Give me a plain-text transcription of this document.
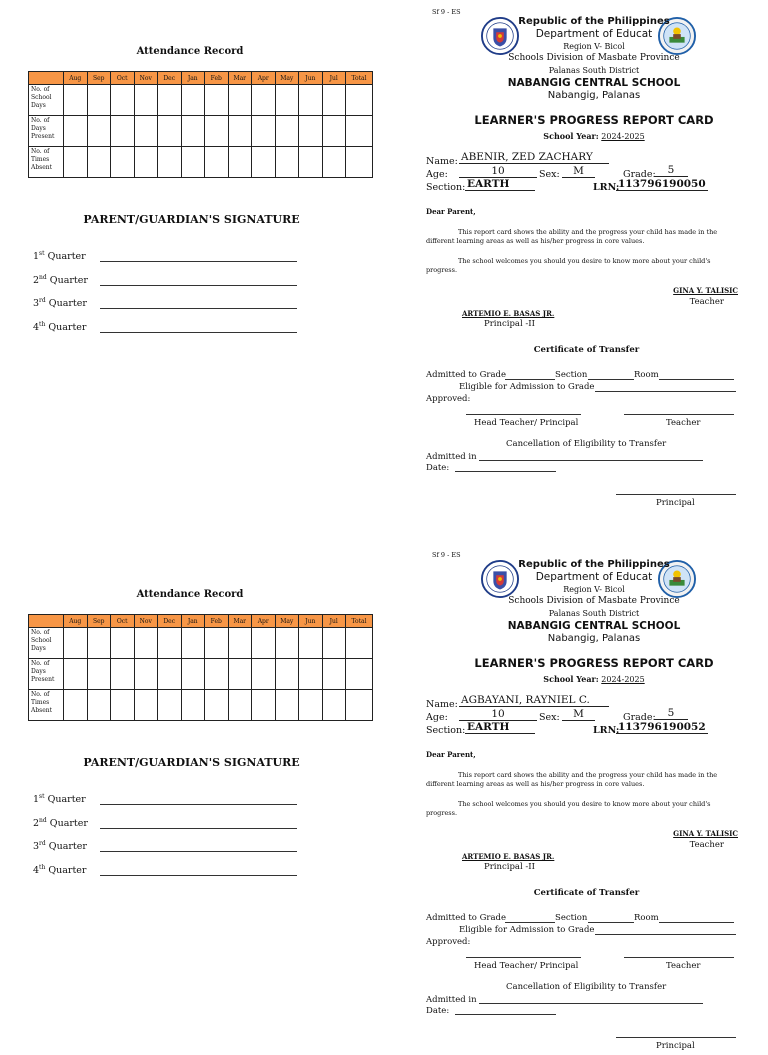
Attendance Record
	Aug	Sep	Oct	Nov	Dec	Jan	Feb	Mar	Apr	May	Jun	Jul	Total
No. of School Days													
No. of Days Present													
No. of Times Absent													
PARENT/GUARDIAN'S SIGNATURE
1st Quarter
2nd Quarter
3rd Quarter
4th Quarter
Sf 9 - ES
Republic of the Philippines
Department of Educat
Region V- Bicol
Schools Division of Masbate Province
Palanas South District
NABANGIG CENTRAL SCHOOL
Nabangig, Palanas
LEARNER'S PROGRESS REPORT CARD
School Year: 2024-2025
Name: ABENIR, ZED ZACHARY
Age:	10	Sex:	M	Grade:	5
Section: EARTH	LRN:
113796190050
Dear Parent,
This report card shows the ability and the progress your child has made in the different learning areas as well as his/her progress in core values.
The school welcomes you should you desire to know more about your child's progress.
GINA Y. TALISIC
Teacher
ARTEMIO E. BASAS JR.
Principal -II
Certificate of Transfer
Admitted to Grade	Section	Room
Eligible for Admission to Grade
Approved:
Head Teacher/ Principal	Teacher
Cancellation of Eligibility to Transfer
Admitted in
Date:
Principal
Attendance Record
	Aug	Sep	Oct	Nov	Dec	Jan	Feb	Mar	Apr	May	Jun	Jul	Total
No. of School Days													
No. of Days Present													
No. of Times Absent													
PARENT/GUARDIAN'S SIGNATURE
1st Quarter
2nd Quarter
3rd Quarter
4th Quarter
Sf 9 - ES
Republic of the Philippines
Department of Educat
Region V- Bicol
Schools Division of Masbate Province
Palanas South District
NABANGIG CENTRAL SCHOOL
Nabangig, Palanas
LEARNER'S PROGRESS REPORT CARD
School Year: 2024-2025
Name: AGBAYANI, RAYNIEL C.
Age:	10	Sex:	M	Grade:	5
Section: EARTH	LRN:
113796190052
Dear Parent,
This report card shows the ability and the progress your child has made in the different learning areas as well as his/her progress in core values.
The school welcomes you should you desire to know more about your child's progress.
GINA Y. TALISIC
Teacher
ARTEMIO E. BASAS JR.
Principal -II
Certificate of Transfer
Admitted to Grade	Section	Room
Eligible for Admission to Grade
Approved:
Head Teacher/ Principal	Teacher
Cancellation of Eligibility to Transfer
Admitted in
Date:
Principal
